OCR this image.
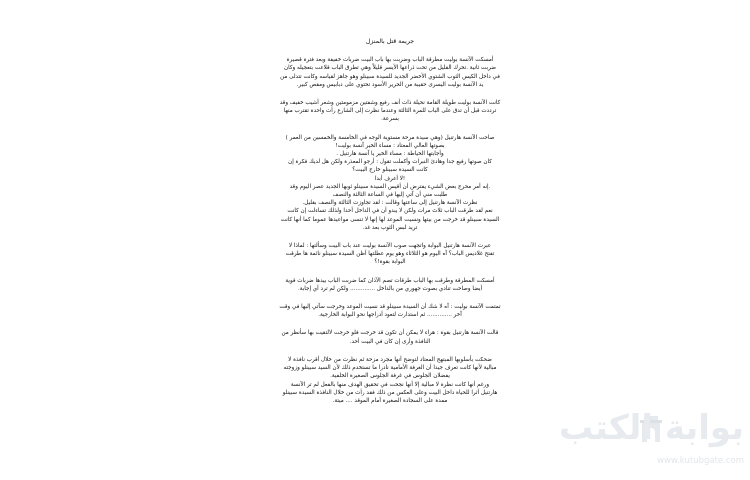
جريمة قتل بالمنزل
أمسكت الآنسة بوليت مطرقة الباب وضربت بها باب البيت ضربات خفيفة وبعد فترة قصيرة
ضربت ثانية .تحرك القليل من تحت ذراعها الأيسر قليلاً وهي تطرق الباب قلاعت بتعجيله وكان
في داخل الكيس الثوب الشتوي الأخضر الجديد للسيدة سبينلو وهو جاهز لقياسه وكانت تتدلى من
يد الآنسة بوليت اليسرى حقيبة من الحرير الأسود تحتوي على دبابيس ومقص كبير.
كانت الآنسة بوليت طويلة القامة نحيلة ذات أنف رفيع وشفتين مزمومتين وشعر أشيب خفيف وقد
ترددت قبل أن تدق على الباب للمرة الثالثة وعندما نظرت إلى الشارع رأت واحدة تقترب منها
بسرعة.
صاحت الآنسة هارتنيل (وهي سيدة مرحة مستوية الوجه في الخامسة والخمسين من العمر )
بصوتها العالي المعتاد : مساء الخير آنسة بوليت!
وأجابتها الخياطة : مساء الخير يا آنسة هارتنيل .
كان صوتها رفيع جدا وهادئ النبرات وأكملت تقول : أرجو المعذرة ولكن هل لديك فكرة إن
كانت السيدة سبينلو خارج البيت؟
!لا أعرف أبدا
.إنه أمر محرج بعض الشيء يفترض أن أقيس السيدة سبينلو ثوبها الجديد عصر اليوم وقد
طلبت مني أن آتي إليها في الساعة الثالثة والنصف
نظرت الآنسة هارتنيل إلى ساعتها وقالت : لقد تجاوزت الثالثة والنصف بقليل.
نعم لقد طرقت الباب ثلاث مرات ولكن لا يبدو أن في الداخل أحدا ولذلك تساءلت إن كانت
السيدة سبينلو قد خرجت من بيتها ونسيت الموعد لها إنها لا تنسى مواعيدها عموما كما أنها كانت
تريد لبس الثوب بعد غد.
عبرت الآنسة هارتنيل البوابة واتجهت صوب الآنسة بوليت عند باب البيت وسألتها : لماذا لا
تفتح غلاديس الباب؟ آه اليوم هو الثلاثاء وهو يوم عطلتها أظن السيدة سبينلو نائمة ها طرقت
البوابة بقوة!؟
أمسكت المطرقة وطرقت بها الباب طرقات تصم الآذان كما ضربت الباب بيدها ضربات قوية
أيضا وصاحت تنادي بصوت جهوري من بالداخل .............. ولكن لم ترد أي إجابة.
تمتمت الآنسة بوليت : آه لا شك أن السيدة سبينلو قد نسيت الموعد وخرجت سآتي إليها في وقت
آخر .............. ثم استدارت لتعود أدراجها نحو البوابة الخارجية.
قالت الآنسة هارتنيل بقوة : هراء لا يمكن أن تكون قد خرجت فلو خرجت لالتقيت بها سأنظر من
النافذة وأرى إن كان في البيت أحد.
ضحكت بأسلوبها المبتهج المعتاد لتوضح أنها مجرد مزحة ثم نظرت من خلال أقرب نافذة لا
مبالية لأنها كانت تعرف جيدا أن الغرفة الأمامية نادرا ما تستخدم ذلك لأن السيد سبينلو وزوجته
يفضلان الجلوس في غرفة الجلوس الصغيرة الخلفية.
ورغم أنها كانت نظرة لا مبالية إلا أنها نجحت في تحقيق الهدف منها بالفعل لم تر الآنسة
هارتنيل أثرا للحياة داخل البيت وعلى العكس من ذلك فقد رأت من خلال النافذة السيدة سبينلو
ممدة على السجادة الصغيرة أمام الموقد .... ميتة.
بوابة الكتب
www.kutubgate.com
